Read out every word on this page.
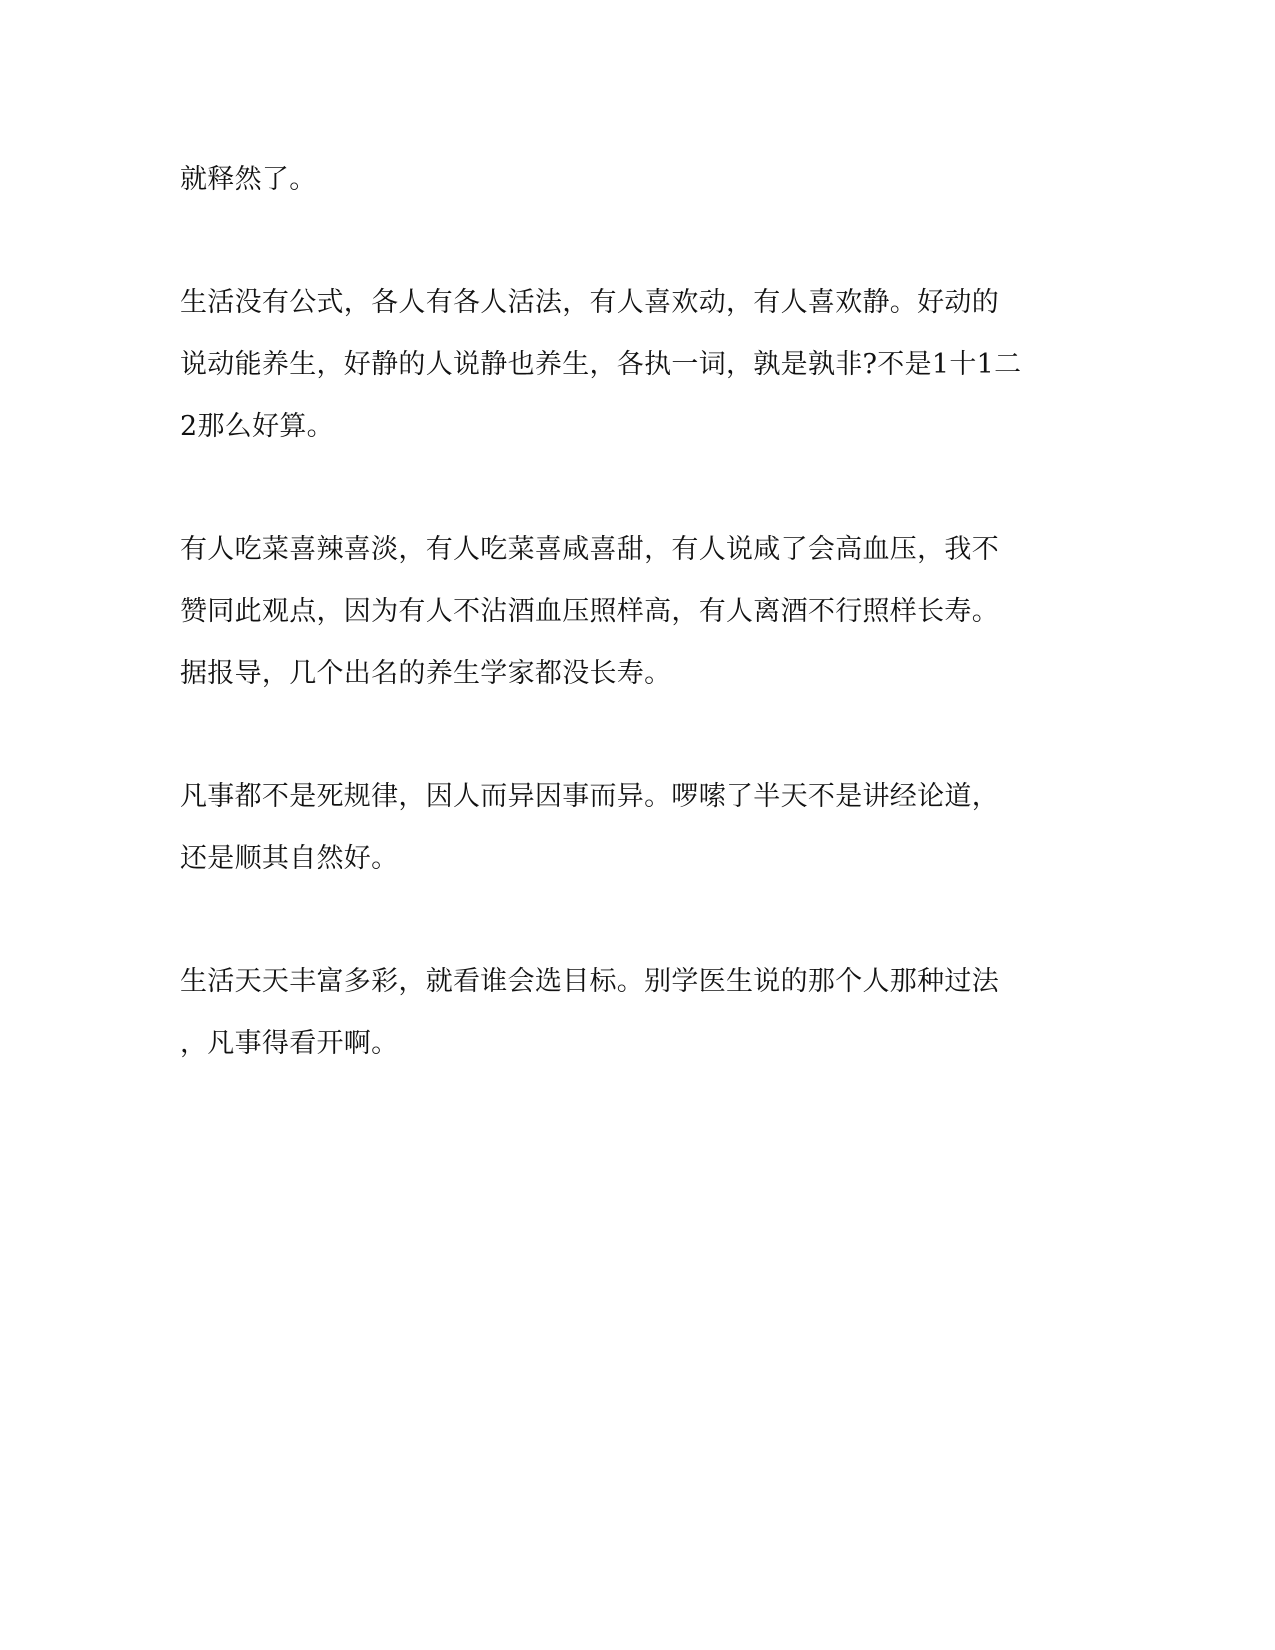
就释然了。
生活没有公式，各人有各人活法，有人喜欢动，有人喜欢静。好动的
说动能养生，好静的人说静也养生，各执一词，孰是孰非?不是1十1二
2那么好算。
有人吃菜喜辣喜淡，有人吃菜喜咸喜甜，有人说咸了会高血压，我不
赞同此观点，因为有人不沾酒血压照样高，有人离酒不行照样长寿。
据报导，几个出名的养生学家都没长寿。
凡事都不是死规律，因人而异因事而异。啰嗦了半天不是讲经论道，
还是顺其自然好。
生活天天丰富多彩，就看谁会选目标。别学医生说的那个人那种过法
，凡事得看开啊。
